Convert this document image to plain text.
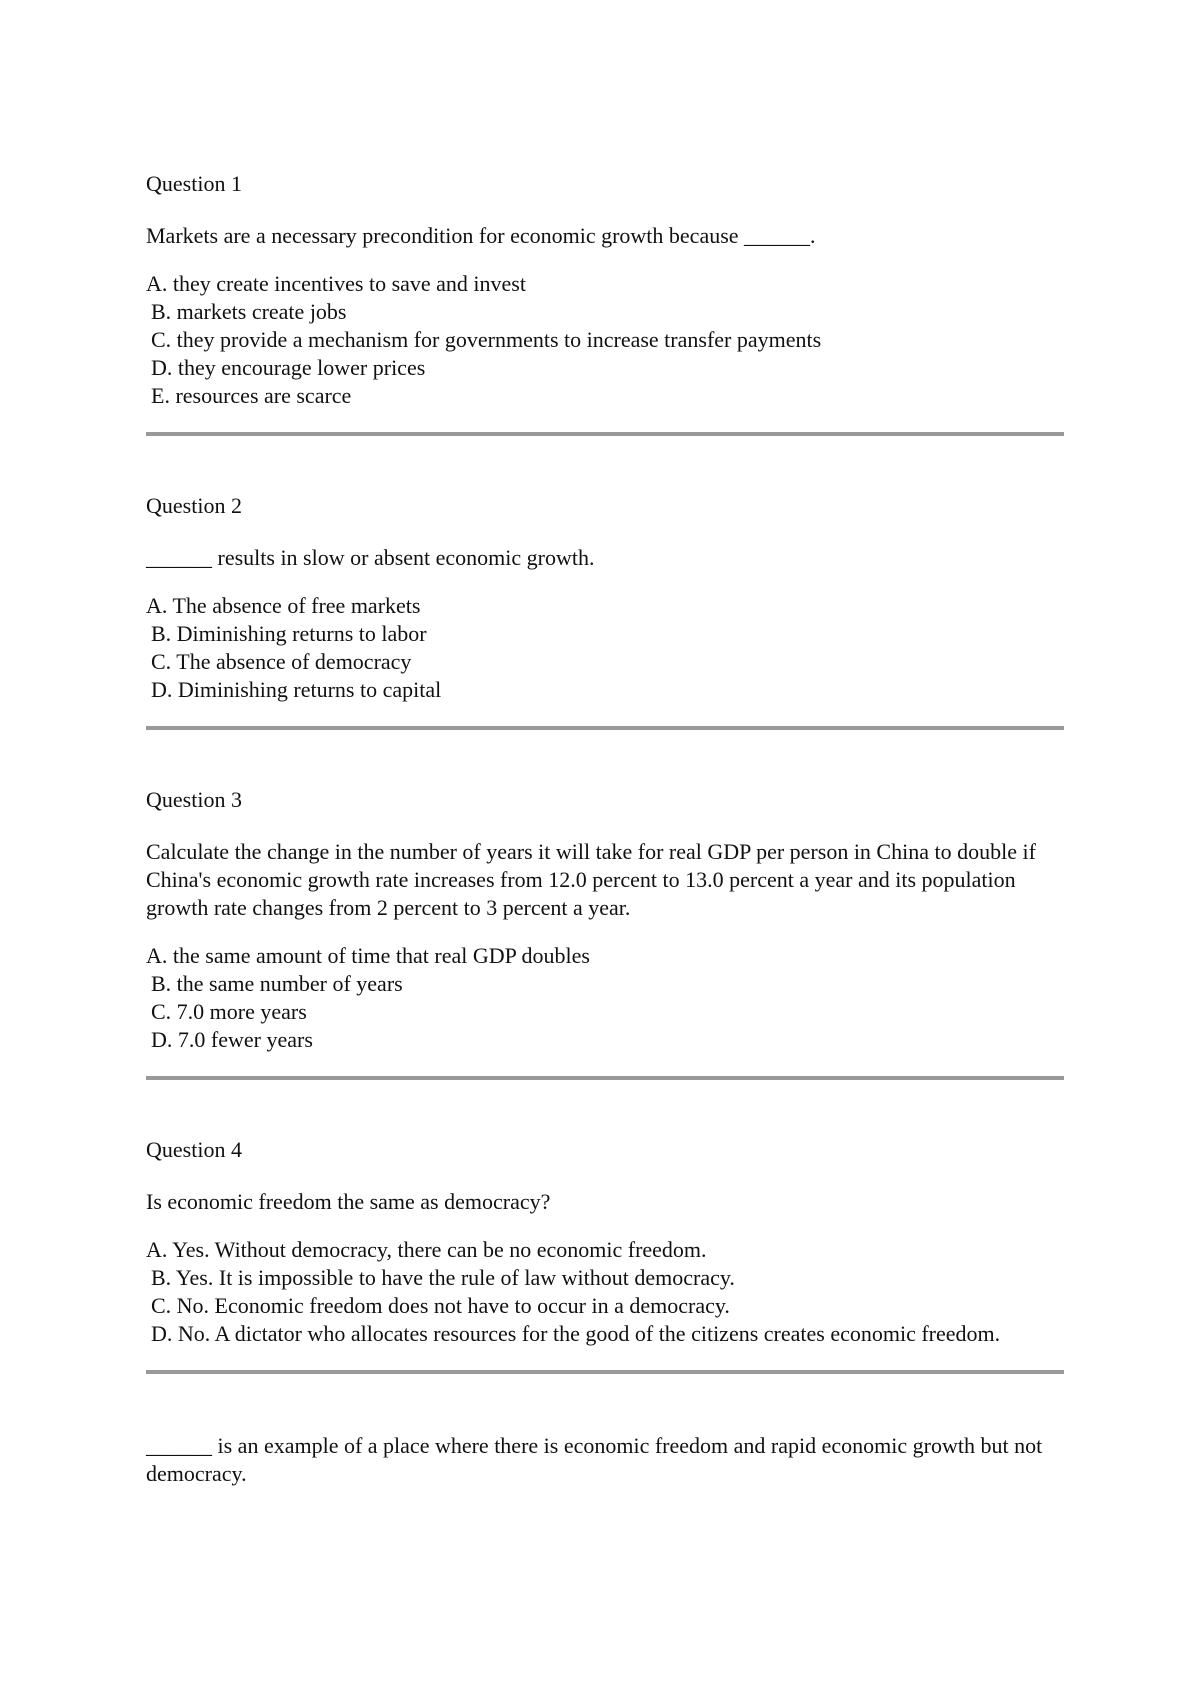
Question 1

Markets are a necessary precondition for economic growth because ______.

A. they create incentives to save and invest
B. markets create jobs
C. they provide a mechanism for governments to increase transfer payments
D. they encourage lower prices
E. resources are scarce

Question 2

______ results in slow or absent economic growth.

A. The absence of free markets
B. Diminishing returns to labor
C. The absence of democracy
D. Diminishing returns to capital

Question 3

Calculate the change in the number of years it will take for real GDP per person in China to double if China's economic growth rate increases from 12.0 percent to 13.0 percent a year and its population growth rate changes from 2 percent to 3 percent a year.

A. the same amount of time that real GDP doubles
B. the same number of years
C. 7.0 more years
D. 7.0 fewer years

Question 4

Is economic freedom the same as democracy?

A. Yes. Without democracy, there can be no economic freedom.
B. Yes. It is impossible to have the rule of law without democracy.
C. No. Economic freedom does not have to occur in a democracy.
D. No. A dictator who allocates resources for the good of the citizens creates economic freedom.

______ is an example of a place where there is economic freedom and rapid economic growth but not democracy.
